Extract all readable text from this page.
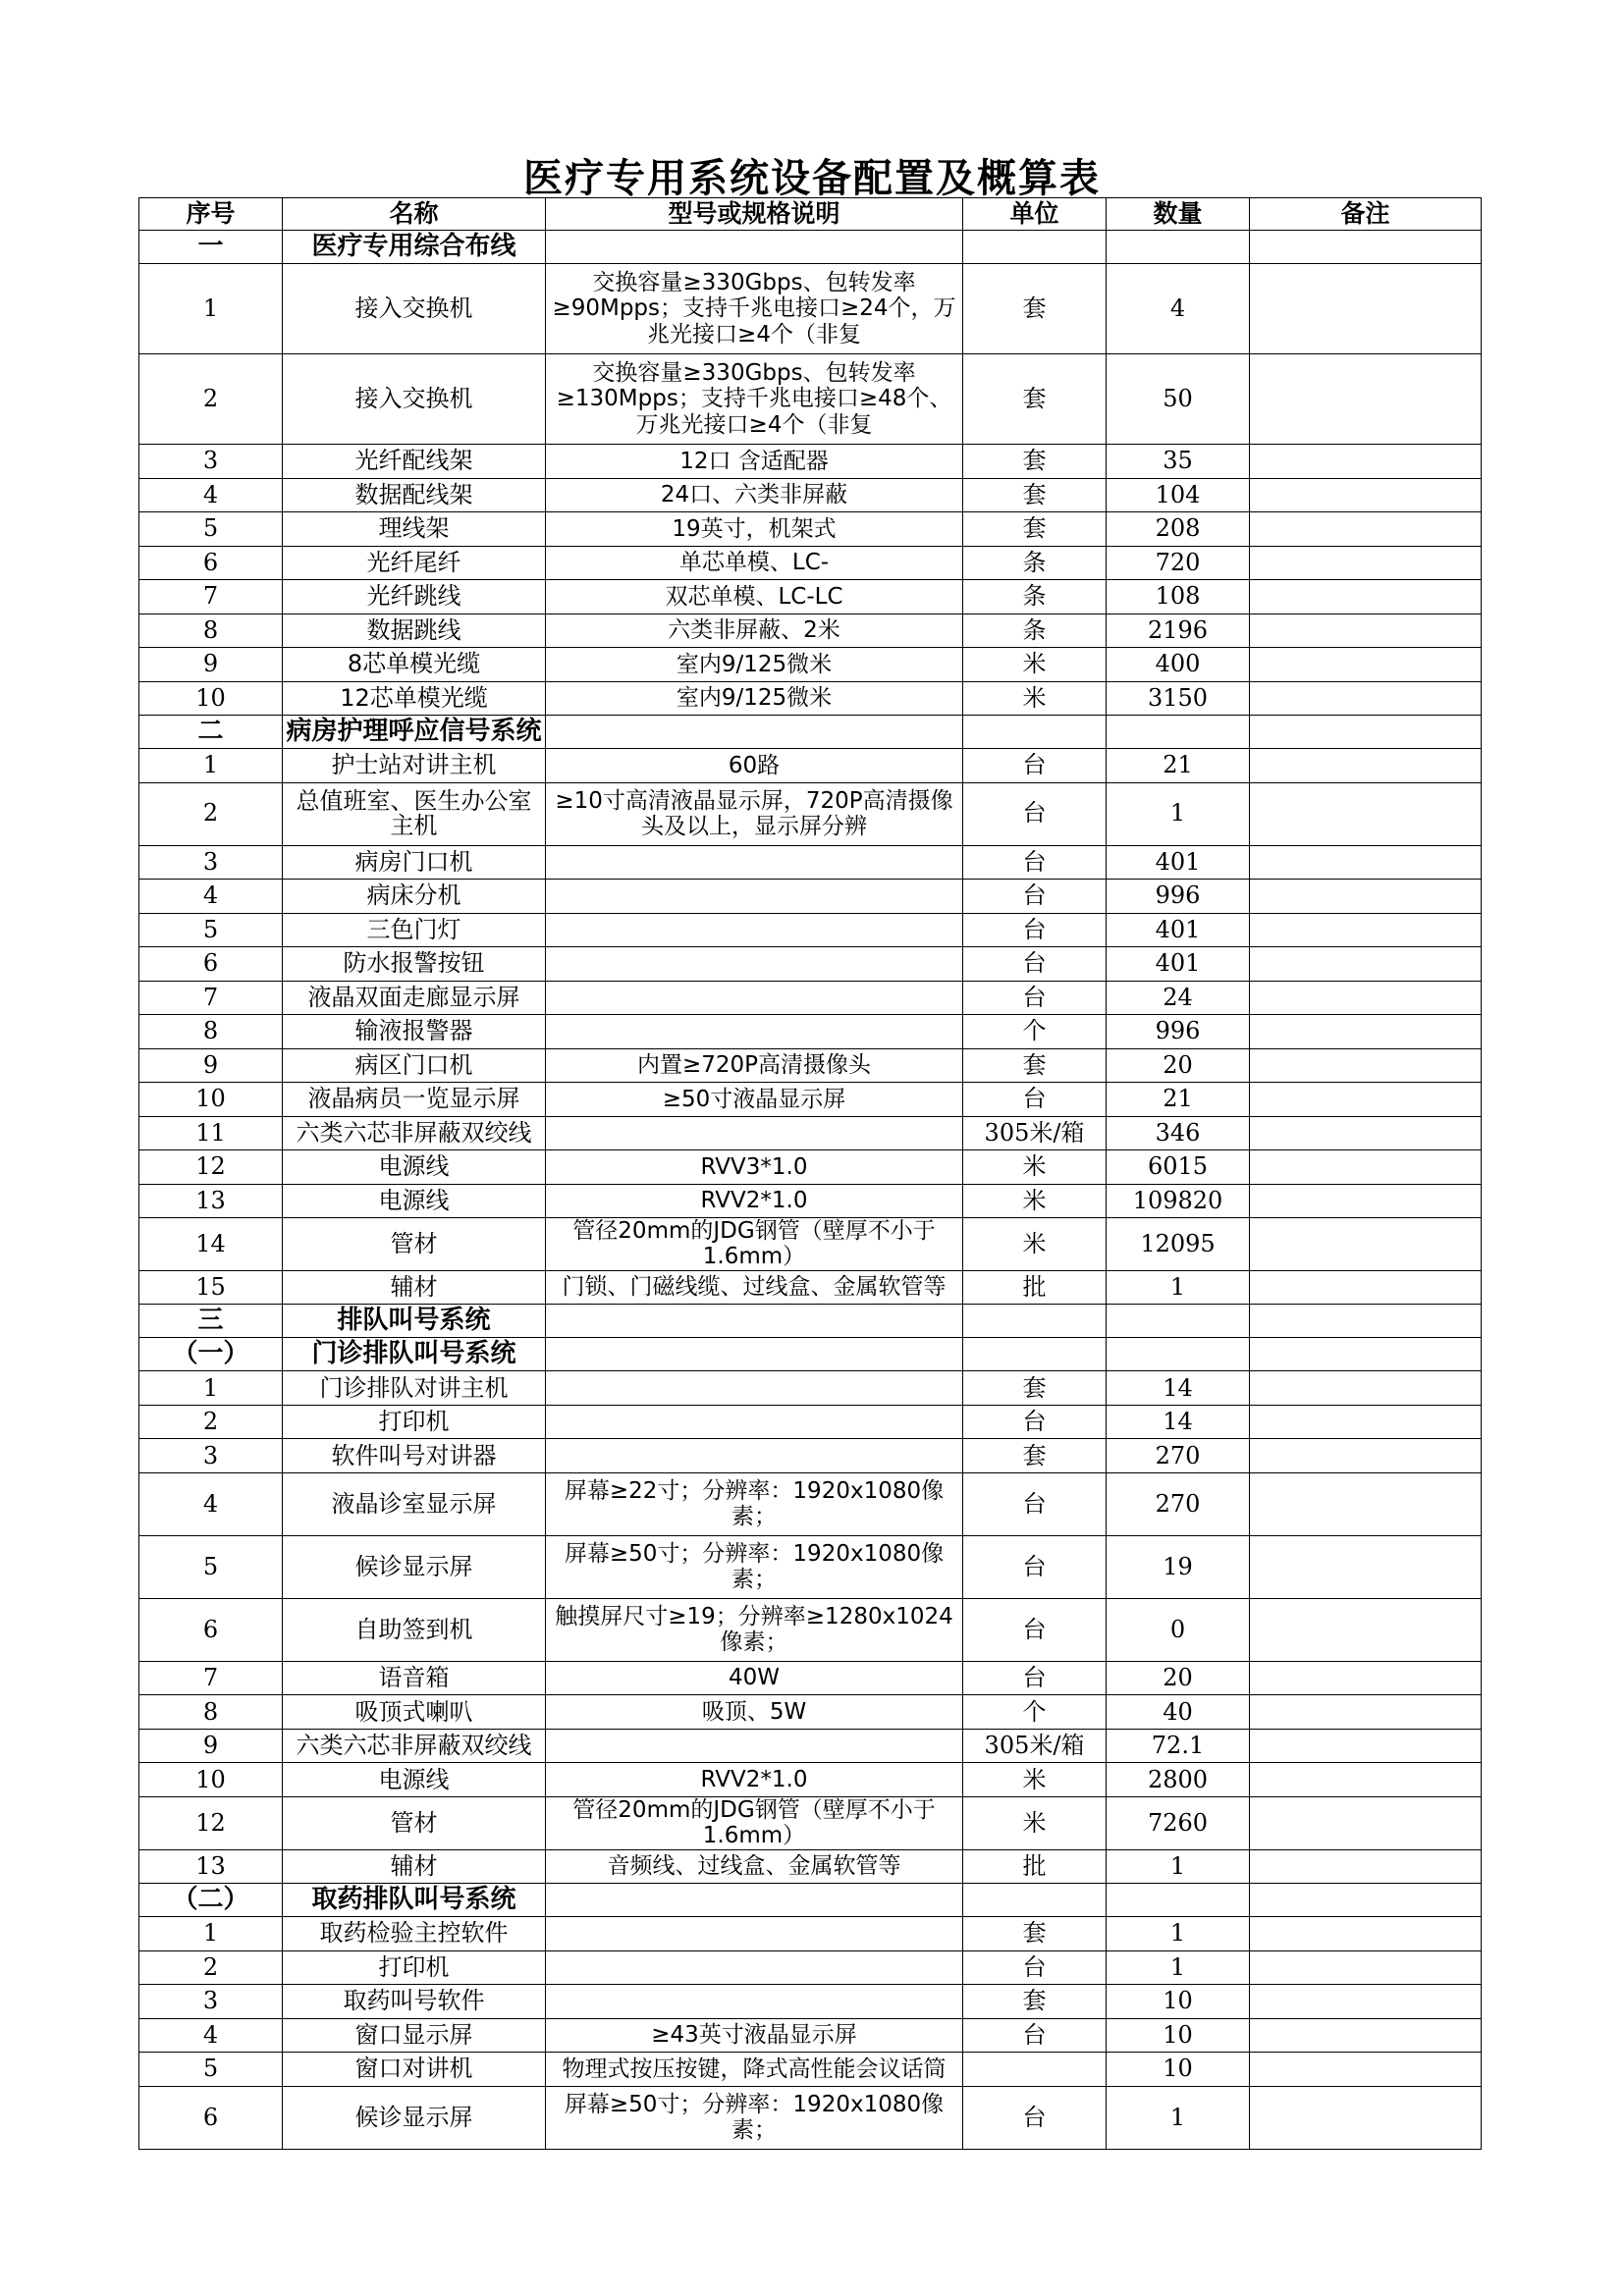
医疗专用系统设备配置及概算表
序号	名称	型号或规格说明	单位	数量	备注
一	医疗专用综合布线				
1	接入交换机	交换容量≥330Gbps、包转发率≥90Mpps；支持千兆电接口≥24个，万兆光接口≥4个（非复	套	4	
2	接入交换机	交换容量≥330Gbps、包转发率≥130Mpps；支持千兆电接口≥48个、万兆光接口≥4个（非复	套	50	
3	光纤配线架	12口 含适配器	套	35	
4	数据配线架	24口、六类非屏蔽	套	104	
5	理线架	19英寸，机架式	套	208	
6	光纤尾纤	单芯单模、LC-	条	720	
7	光纤跳线	双芯单模、LC-LC	条	108	
8	数据跳线	六类非屏蔽、2米	条	2196	
9	8芯单模光缆	室内9/125微米	米	400	
10	12芯单模光缆	室内9/125微米	米	3150	
二	病房护理呼应信号系统				
1	护士站对讲主机	60路	台	21	
2	总值班室、医生办公室主机	≥10寸高清液晶显示屏，720P高清摄像头及以上，显示屏分辨	台	1	
3	病房门口机		台	401	
4	病床分机		台	996	
5	三色门灯		台	401	
6	防水报警按钮		台	401	
7	液晶双面走廊显示屏		台	24	
8	输液报警器		个	996	
9	病区门口机	内置≥720P高清摄像头	套	20	
10	液晶病员一览显示屏	≥50寸液晶显示屏	台	21	
11	六类六芯非屏蔽双绞线		305米/箱	346	
12	电源线	RVV3*1.0	米	6015	
13	电源线	RVV2*1.0	米	109820	
14	管材	管径20mm的JDG钢管（壁厚不小于1.6mm）	米	12095	
15	辅材	门锁、门磁线缆、过线盒、金属软管等	批	1	
三	排队叫号系统				
（一）	门诊排队叫号系统				
1	门诊排队对讲主机		套	14	
2	打印机		台	14	
3	软件叫号对讲器		套	270	
4	液晶诊室显示屏	屏幕≥22寸；分辨率：1920x1080像素；	台	270	
5	候诊显示屏	屏幕≥50寸；分辨率：1920x1080像素；	台	19	
6	自助签到机	触摸屏尺寸≥19；分辨率≥1280x1024像素；	台	0	
7	语音箱	40W	台	20	
8	吸顶式喇叭	吸顶、5W	个	40	
9	六类六芯非屏蔽双绞线		305米/箱	72.1	
10	电源线	RVV2*1.0	米	2800	
12	管材	管径20mm的JDG钢管（壁厚不小于1.6mm）	米	7260	
13	辅材	音频线、过线盒、金属软管等	批	1	
（二）	取药排队叫号系统				
1	取药检验主控软件		套	1	
2	打印机		台	1	
3	取药叫号软件		套	10	
4	窗口显示屏	≥43英寸液晶显示屏	台	10	
5	窗口对讲机	物理式按压按键，降式高性能会议话筒		10	
6	候诊显示屏	屏幕≥50寸；分辨率：1920x1080像素；	台	1	
